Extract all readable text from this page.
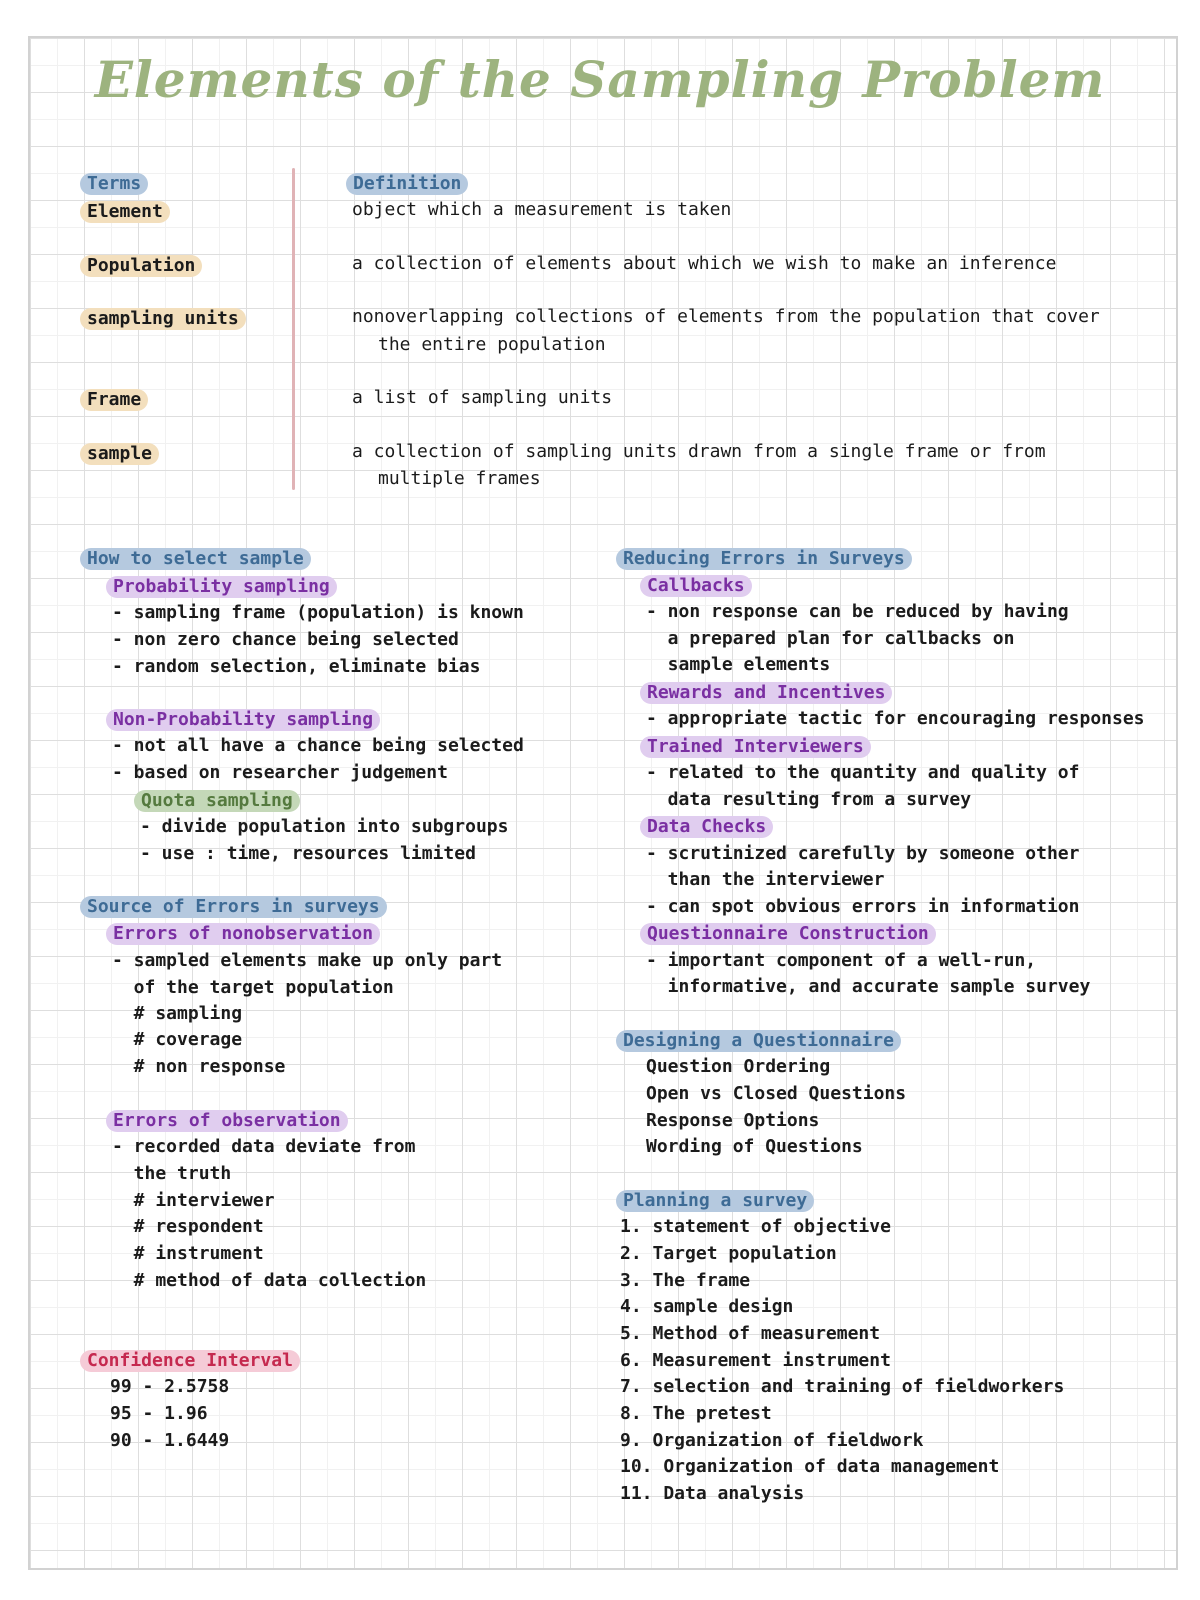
Elements of the Sampling Problem
Terms	Definition
Element	object which a measurement is taken
Population	a collection of elements about which we wish to make an inference
sampling units	nonoverlapping collections of elements from the population that cover
the entire population
Frame	a list of sampling units
sample	a collection of sampling units drawn from a single frame or from
multiple frames
How to select sample
Probability sampling
- sampling frame (population) is known
- non zero chance being selected
- random selection, eliminate bias
Non-Probability sampling
- not all have a chance being selected
- based on researcher judgement
Quota sampling
- divide population into subgroups
- use : time, resources limited
Source of Errors in surveys
Errors of nonobservation
- sampled elements make up only part
of the target population
# sampling
# coverage
# non response
Errors of observation
- recorded data deviate from
the truth
# interviewer
# respondent
# instrument
# method of data collection
Confidence Interval
99 - 2.5758
95 - 1.96
90 - 1.6449
Reducing Errors in Surveys
Callbacks
- non response can be reduced by having
a prepared plan for callbacks on
sample elements
Rewards and Incentives
- appropriate tactic for encouraging responses
Trained Interviewers
- related to the quantity and quality of
data resulting from a survey
Data Checks
- scrutinized carefully by someone other
than the interviewer
- can spot obvious errors in information
Questionnaire Construction
- important component of a well-run,
informative, and accurate sample survey
Designing a Questionnaire
Question Ordering
Open vs Closed Questions
Response Options
Wording of Questions
Planning a survey
1. statement of objective
2. Target population
3. The frame
4. sample design
5. Method of measurement
6. Measurement instrument
7. selection and training of fieldworkers
8. The pretest
9. Organization of fieldwork
10. Organization of data management
11. Data analysis
